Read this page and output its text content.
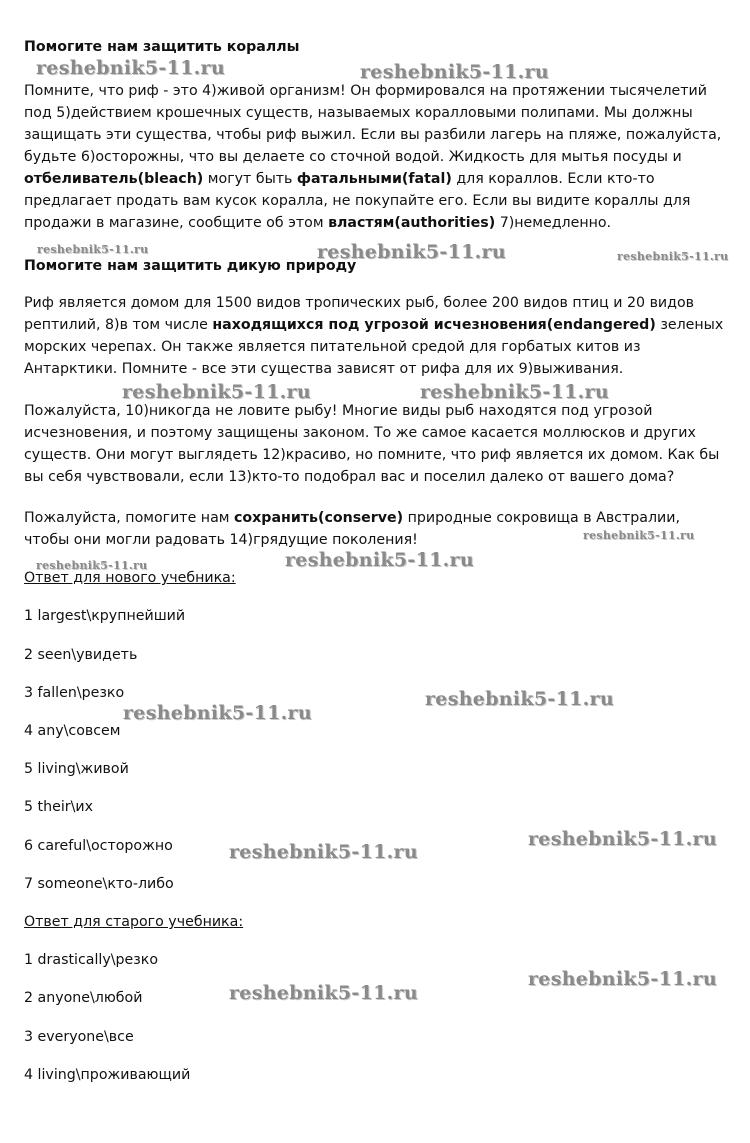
Помогите нам защитить кораллы

Помните, что риф - это 4)живой организм! Он формировался на протяжении тысячелетий под 5)действием крошечных существ, называемых коралловыми полипами. Мы должны защищать эти существа, чтобы риф выжил. Если вы разбили лагерь на пляже, пожалуйста, будьте 6)осторожны, что вы делаете со сточной водой. Жидкость для мытья посуды и отбеливатель(bleach) могут быть фатальными(fatal) для кораллов. Если кто-то предлагает продать вам кусок коралла, не покупайте его. Если вы видите кораллы для продажи в магазине, сообщите об этом властям(authorities) 7)немедленно.

Помогите нам защитить дикую природу

Риф является домом для 1500 видов тропических рыб, более 200 видов птиц и 20 видов рептилий, 8)в том числе находящихся под угрозой исчезновения(endangered) зеленых морских черепах. Он также является питательной средой для горбатых китов из Антарктики. Помните - все эти существа зависят от рифа для их 9)выживания.

Пожалуйста, 10)никогда не ловите рыбу! Многие виды рыб находятся под угрозой исчезновения, и поэтому защищены законом. То же самое касается моллюсков и других существ. Они могут выглядеть 12)красиво, но помните, что риф является их домом. Как бы вы себя чувствовали, если 13)кто-то подобрал вас и поселил далеко от вашего дома?

Пожалуйста, помогите нам сохранить(conserve) природные сокровища в Австралии, чтобы они могли радовать 14)грядущие поколения!

Ответ для нового учебника:

1 largest\крупнейший

2 seen\увидеть

3 fallen\резко

4 any\совсем

5 living\живой

5 their\их

6 careful\осторожно

7 someone\кто-либо

Ответ для старого учебника:

1 drastically\резко

2 anyone\любой

3 everyone\все

4 living\проживающий

reshebnik5-11.ru	reshebnik5-11.ru
reshebnik5-11.ru	reshebnik5-11.ru	reshebnik5-11.ru
reshebnik5-11.ru	reshebnik5-11.ru
reshebnik5-11.ru
reshebnik5-11.ru	reshebnik5-11.ru
reshebnik5-11.ru
reshebnik5-11.ru
reshebnik5-11.ru
reshebnik5-11.ru
reshebnik5-11.ru
reshebnik5-11.ru
